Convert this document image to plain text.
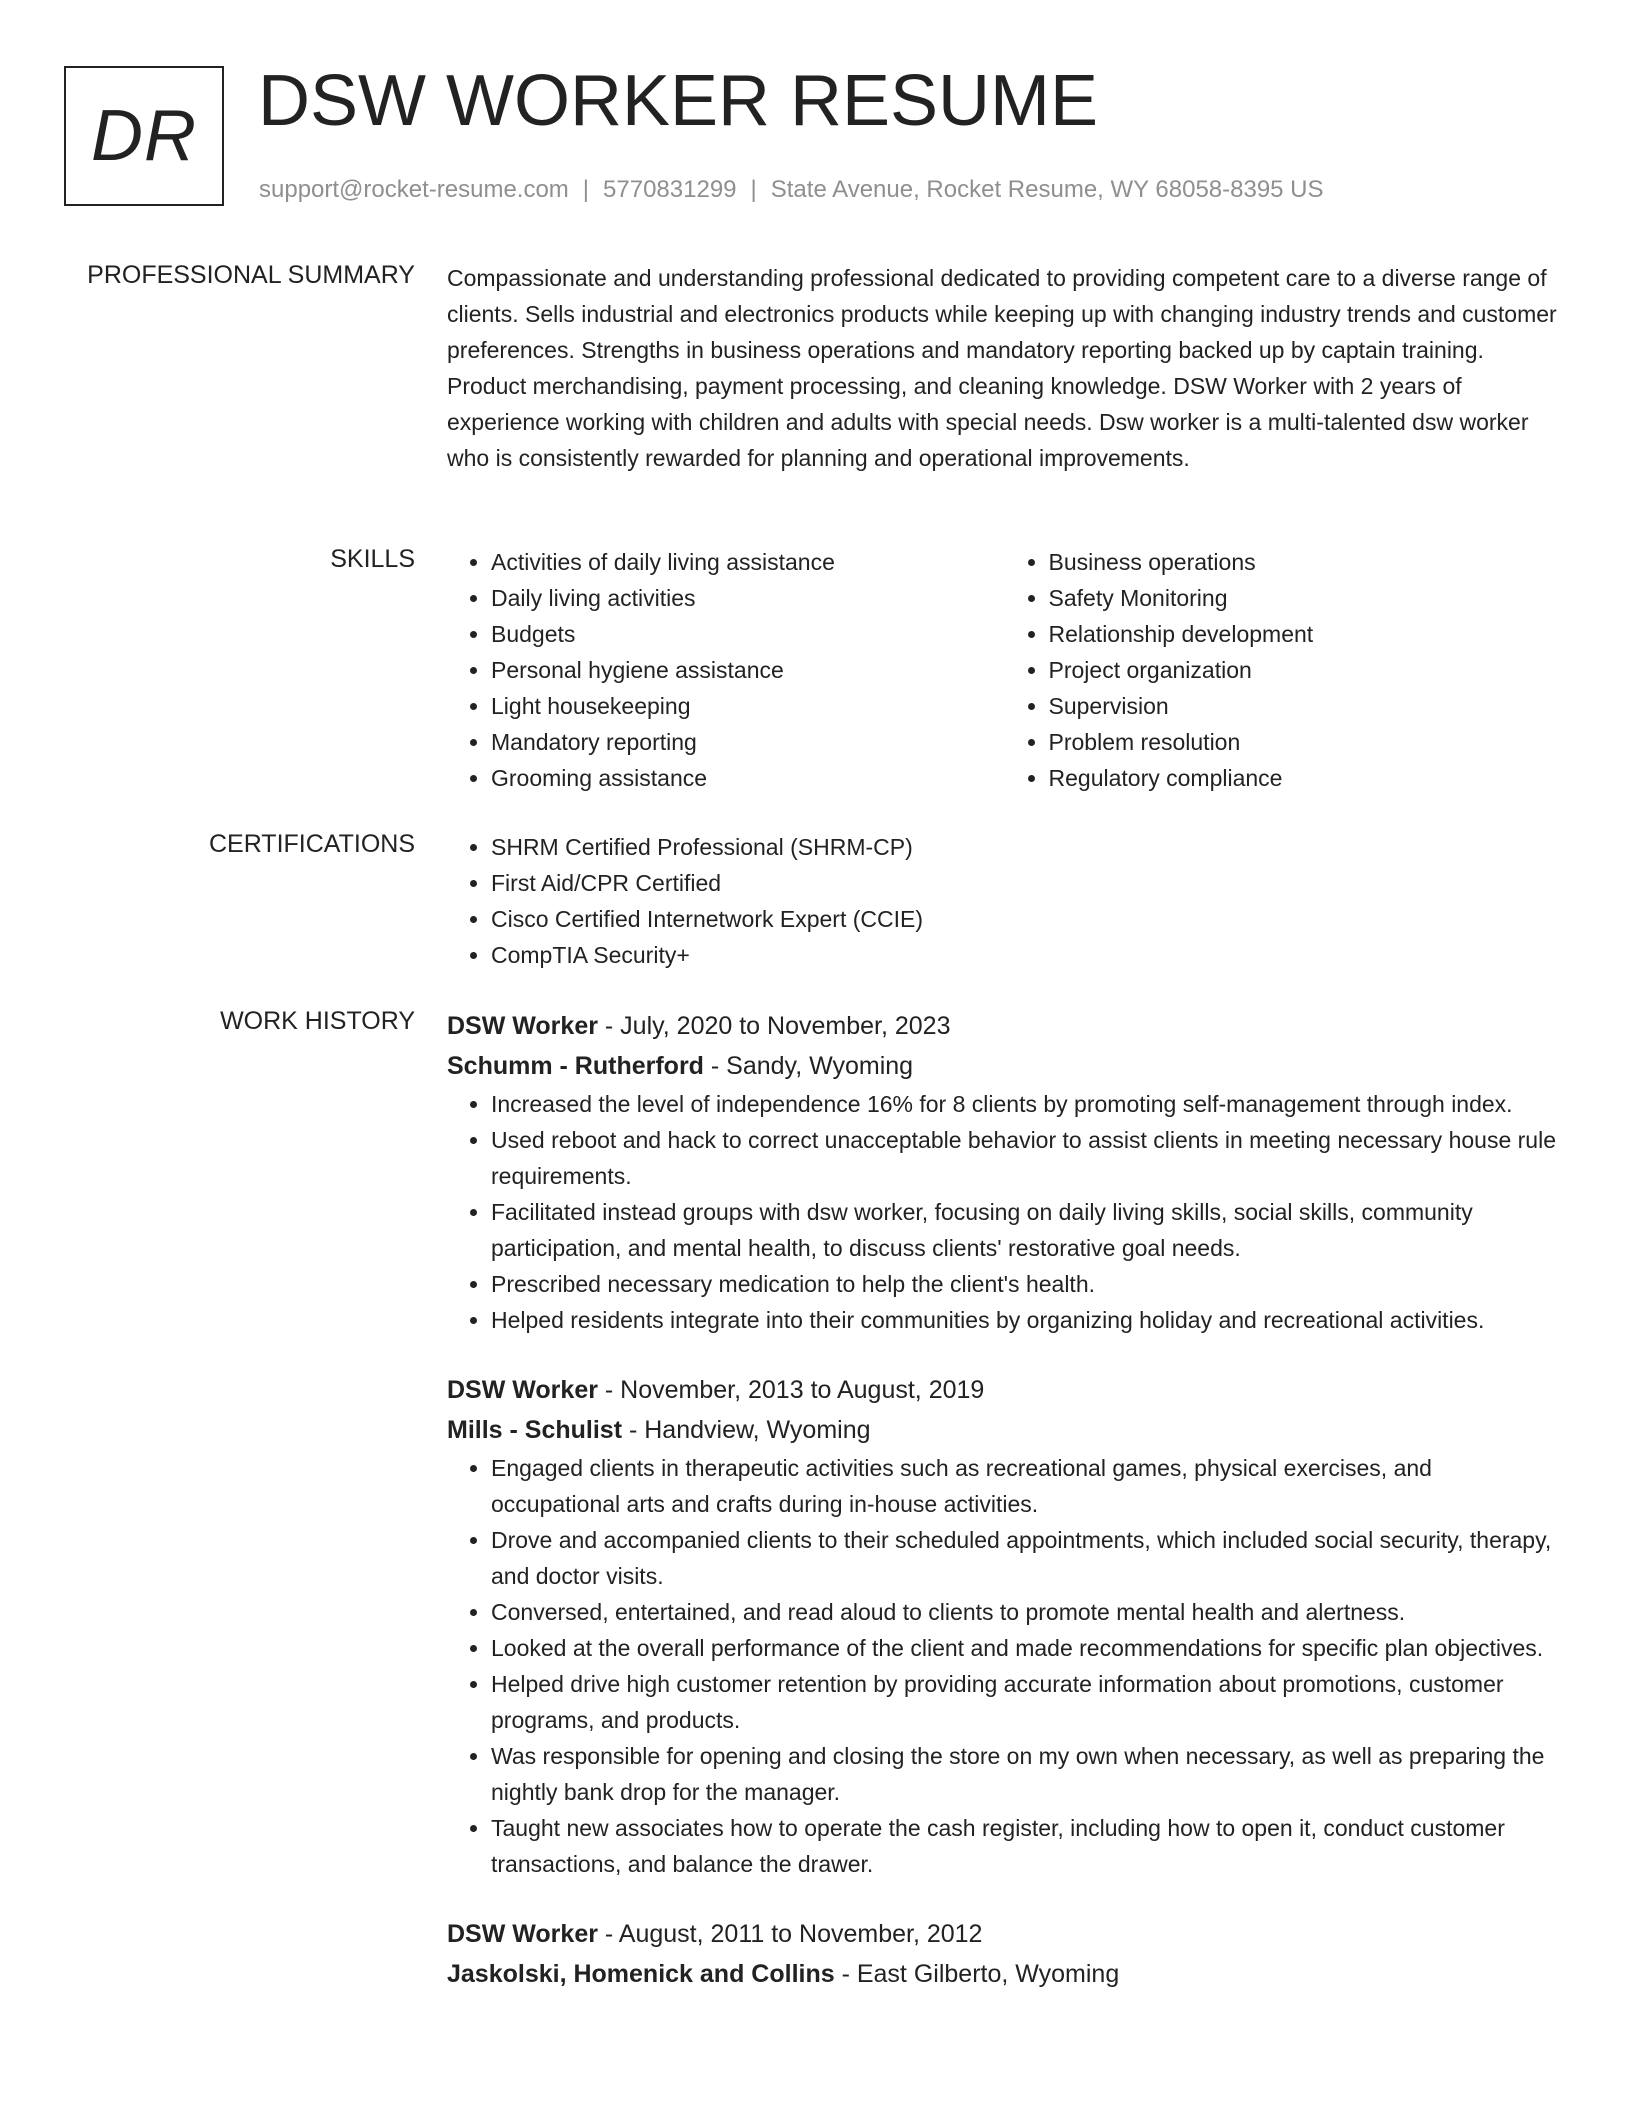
DR DSW WORKER RESUME
support@rocket-resume.com | 5770831299 | State Avenue, Rocket Resume, WY 68058-8395 US
PROFESSIONAL SUMMARY Compassionate and understanding professional dedicated to providing competent care to a diverse range of clients. Sells industrial and electronics products while keeping up with changing industry trends and customer preferences. Strengths in business operations and mandatory reporting backed up by captain training. Product merchandising, payment processing, and cleaning knowledge. DSW Worker with 2 years of experience working with children and adults with special needs. Dsw worker is a multi-talented dsw worker who is consistently rewarded for planning and operational improvements.

SKILLS	• Activities of daily living assistance
• Daily living activities
• Budgets
• Personal hygiene assistance
• Light housekeeping
• Mandatory reporting
• Grooming assistance
• Business operations
• Safety Monitoring
• Relationship development
• Project organization
• Supervision
• Problem resolution
• Regulatory compliance
CERTIFICATIONS	• SHRM Certified Professional (SHRM-CP)
• First Aid/CPR Certified
• Cisco Certified Internetwork Expert (CCIE)
• CompTIA Security+
WORK HISTORY DSW Worker - July, 2020 to November, 2023
Schumm - Rutherford - Sandy, Wyoming
• Increased the level of independence 16% for 8 clients by promoting self-management through index.
• Used reboot and hack to correct unacceptable behavior to assist clients in meeting necessary house rule requirements.
• Facilitated instead groups with dsw worker, focusing on daily living skills, social skills, community participation, and mental health, to discuss clients' restorative goal needs.
• Prescribed necessary medication to help the client's health.
• Helped residents integrate into their communities by organizing holiday and recreational activities.
DSW Worker - November, 2013 to August, 2019
Mills - Schulist - Handview, Wyoming
• Engaged clients in therapeutic activities such as recreational games, physical exercises, and occupational arts and crafts during in-house activities.
• Drove and accompanied clients to their scheduled appointments, which included social security, therapy, and doctor visits.
• Conversed, entertained, and read aloud to clients to promote mental health and alertness.
• Looked at the overall performance of the client and made recommendations for specific plan objectives.
• Helped drive high customer retention by providing accurate information about promotions, customer programs, and products.
• Was responsible for opening and closing the store on my own when necessary, as well as preparing the nightly bank drop for the manager.
• Taught new associates how to operate the cash register, including how to open it, conduct customer transactions, and balance the drawer.
DSW Worker - August, 2011 to November, 2012
Jaskolski, Homenick and Collins - East Gilberto, Wyoming
